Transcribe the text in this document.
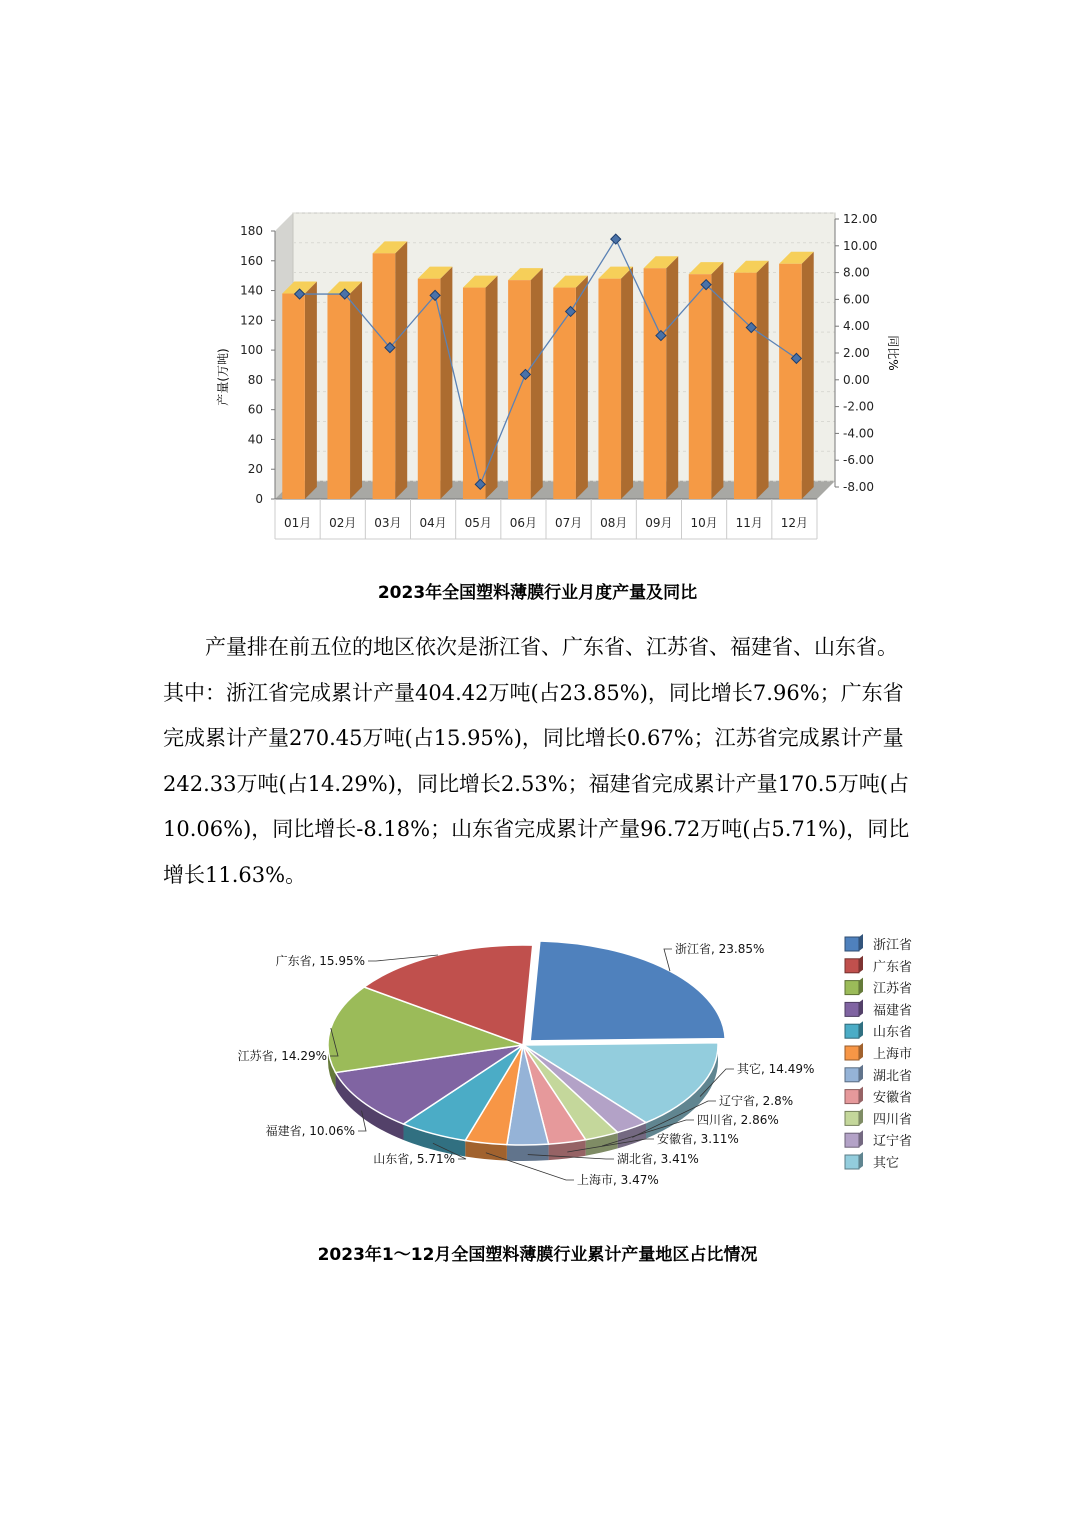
0
20
40
60
80
100
120
140
160
180
-8.00
-6.00
-4.00
-2.00
0.00
2.00
4.00
6.00
8.00
10.00
12.00
01月 02月 03月 04月 05月 06月 07月 08月 09月 10月 11月 12月
产量(万吨)	同比%
2023年全国塑料薄膜行业月度产量及同比
产量排在前五位的地区依次是浙江省、广东省、江苏省、福建省、山东省。
其中：浙江省完成累计产量404.42万吨(占23.85%)，同比增长7.96%；广东省
完成累计产量270.45万吨(占15.95%)，同比增长0.67%；江苏省完成累计产量
242.33万吨(占14.29%)，同比增长2.53%；福建省完成累计产量170.5万吨(占
10.06%)，同比增长-8.18%；山东省完成累计产量96.72万吨(占5.71%)，同比
增长11.63%。
浙江省, 23.85%
其它, 14.49%
辽宁省, 2.8%
四川省, 2.86%
安徽省, 3.11%
湖北省, 3.41%
上海市, 3.47%
山东省, 5.71%
福建省, 10.06%
江苏省, 14.29%
广东省, 15.95%
浙江省
广东省
江苏省
福建省
山东省
上海市
湖北省
安徽省
四川省
辽宁省
其它
2023年1～12月全国塑料薄膜行业累计产量地区占比情况
